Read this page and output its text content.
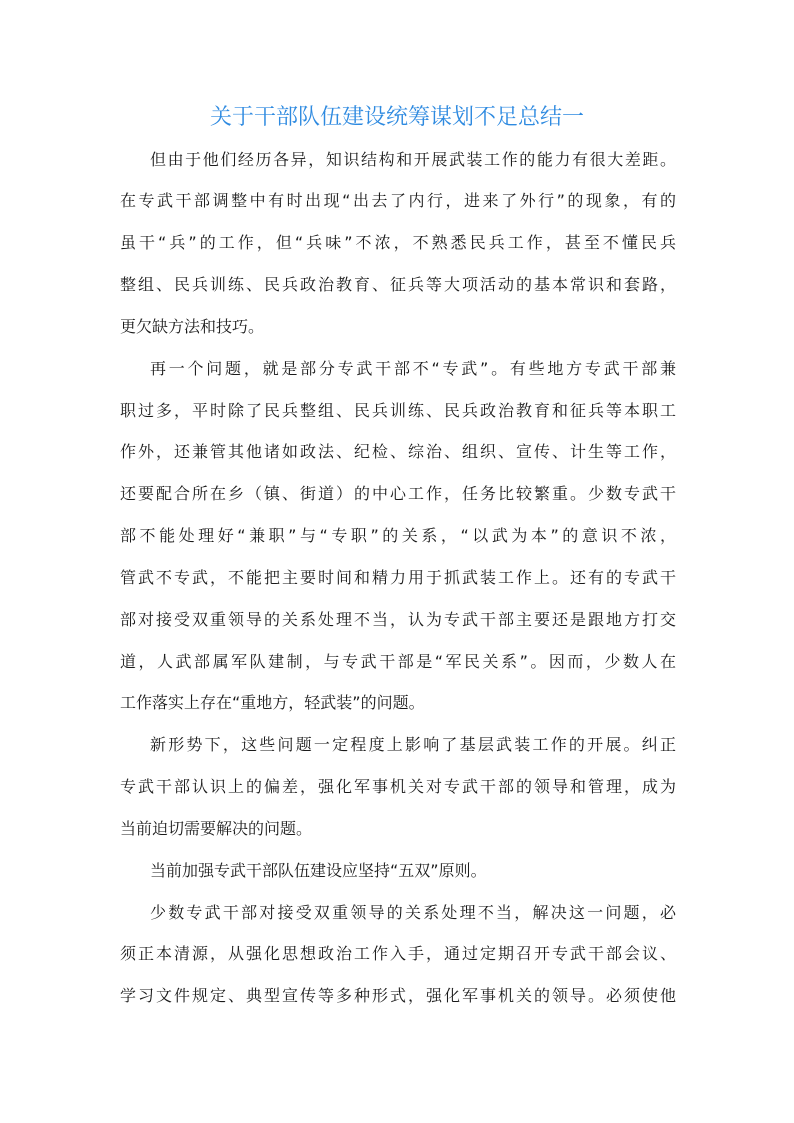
关于干部队伍建设统筹谋划不足总结一
但由于他们经历各异，知识结构和开展武装工作的能力有很大差距。
在专武干部调整中有时出现“出去了内行，进来了外行”的现象，有的
虽干“兵”的工作，但“兵味”不浓，不熟悉民兵工作，甚至不懂民兵
整组、民兵训练、民兵政治教育、征兵等大项活动的基本常识和套路，
更欠缺方法和技巧。
再一个问题，就是部分专武干部不“专武”。有些地方专武干部兼
职过多，平时除了民兵整组、民兵训练、民兵政治教育和征兵等本职工
作外，还兼管其他诸如政法、纪检、综治、组织、宣传、计生等工作，
还要配合所在乡（镇、街道）的中心工作，任务比较繁重。少数专武干
部不能处理好“兼职”与“专职”的关系，“以武为本”的意识不浓，
管武不专武，不能把主要时间和精力用于抓武装工作上。还有的专武干
部对接受双重领导的关系处理不当，认为专武干部主要还是跟地方打交
道，人武部属军队建制，与专武干部是“军民关系”。因而，少数人在
工作落实上存在“重地方，轻武装”的问题。
新形势下，这些问题一定程度上影响了基层武装工作的开展。纠正
专武干部认识上的偏差，强化军事机关对专武干部的领导和管理，成为
当前迫切需要解决的问题。
当前加强专武干部队伍建设应坚持“五双”原则。
少数专武干部对接受双重领导的关系处理不当，解决这一问题，必
须正本清源，从强化思想政治工作入手，通过定期召开专武干部会议、
学习文件规定、典型宣传等多种形式，强化军事机关的领导。必须使他
